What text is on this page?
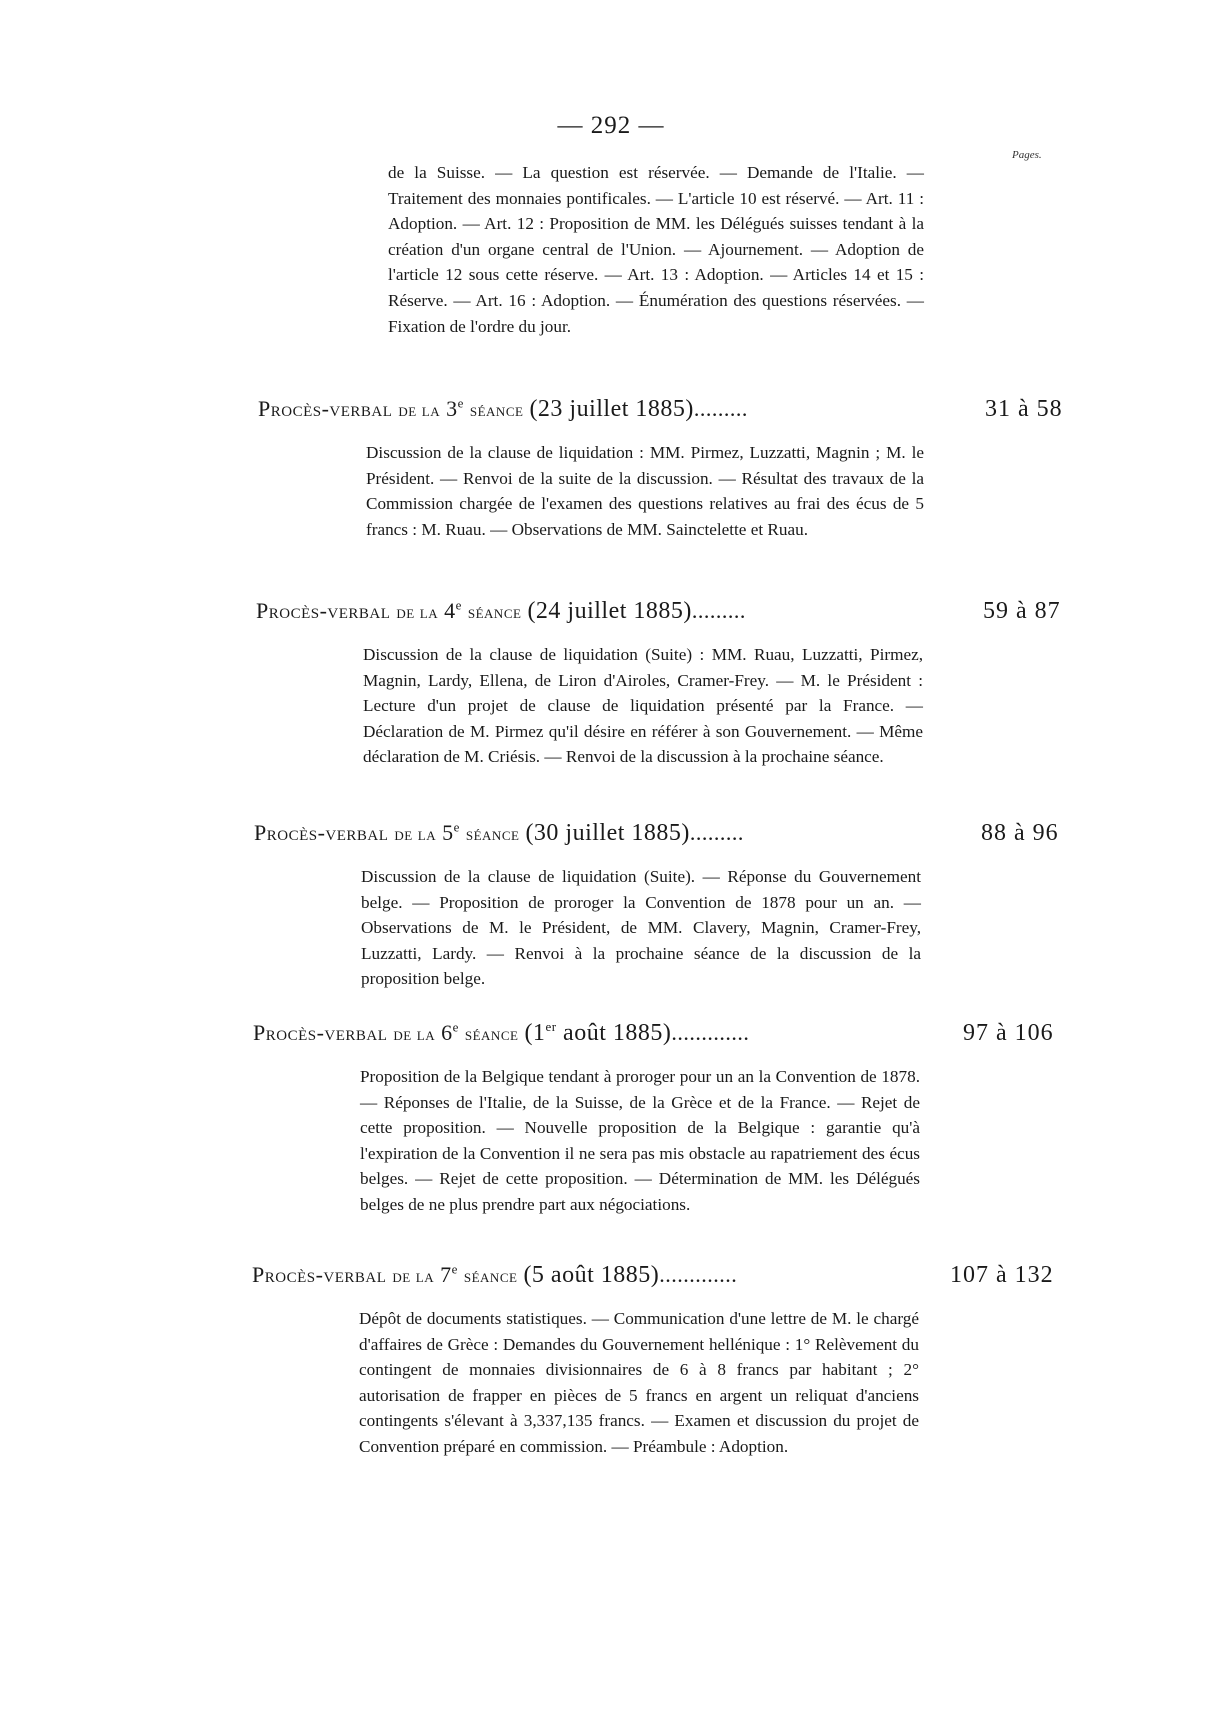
— 292 —
Pages.
de la Suisse. — La question est réservée. — Demande de l'Italie. — Traitement des monnaies pontificales. — L'article 10 est réservé. — Art. 11 : Adoption. — Art. 12 : Proposition de MM. les Délégués suisses tendant à la création d'un organe central de l'Union. — Ajournement. — Adoption de l'article 12 sous cette réserve. — Art. 13 : Adoption. — Articles 14 et 15 : Réserve. — Art. 16 : Adoption. — Énumération des questions réservées. — Fixation de l'ordre du jour.
Procès-verbal de la 3e séance (23 juillet 1885).........	31 à 58
Discussion de la clause de liquidation : MM. Pirmez, Luzzatti, Magnin ; M. le Président. — Renvoi de la suite de la discussion. — Résultat des travaux de la Commission chargée de l'examen des questions relatives au frai des écus de 5 francs : M. Ruau. — Observations de MM. Sainctelette et Ruau.
Procès-verbal de la 4e séance (24 juillet 1885).........	59 à 87
Discussion de la clause de liquidation (Suite) : MM. Ruau, Luzzatti, Pirmez, Magnin, Lardy, Ellena, de Liron d'Airoles, Cramer-Frey. — M. le Président : Lecture d'un projet de clause de liquidation présenté par la France. — Déclaration de M. Pirmez qu'il désire en référer à son Gouvernement. — Même déclaration de M. Criésis. — Renvoi de la discussion à la prochaine séance.
Procès-verbal de la 5e séance (30 juillet 1885).........	88 à 96
Discussion de la clause de liquidation (Suite). — Réponse du Gouvernement belge. — Proposition de proroger la Convention de 1878 pour un an. — Observations de M. le Président, de MM. Clavery, Magnin, Cramer-Frey, Luzzatti, Lardy. — Renvoi à la prochaine séance de la discussion de la proposition belge.
Procès-verbal de la 6e séance (1er août 1885).............	97 à 106
Proposition de la Belgique tendant à proroger pour un an la Convention de 1878. — Réponses de l'Italie, de la Suisse, de la Grèce et de la France. — Rejet de cette proposition. — Nouvelle proposition de la Belgique : garantie qu'à l'expiration de la Convention il ne sera pas mis obstacle au rapatriement des écus belges. — Rejet de cette proposition. — Détermination de MM. les Délégués belges de ne plus prendre part aux négociations.
Procès-verbal de la 7e séance (5 août 1885).............	107 à 132
Dépôt de documents statistiques. — Communication d'une lettre de M. le chargé d'affaires de Grèce : Demandes du Gouvernement hellénique : 1° Relèvement du contingent de monnaies divisionnaires de 6 à 8 francs par habitant ; 2° autorisation de frapper en pièces de 5 francs en argent un reliquat d'anciens contingents s'élevant à 3,337,135 francs. — Examen et discussion du projet de Convention préparé en commission. — Préambule : Adoption.
